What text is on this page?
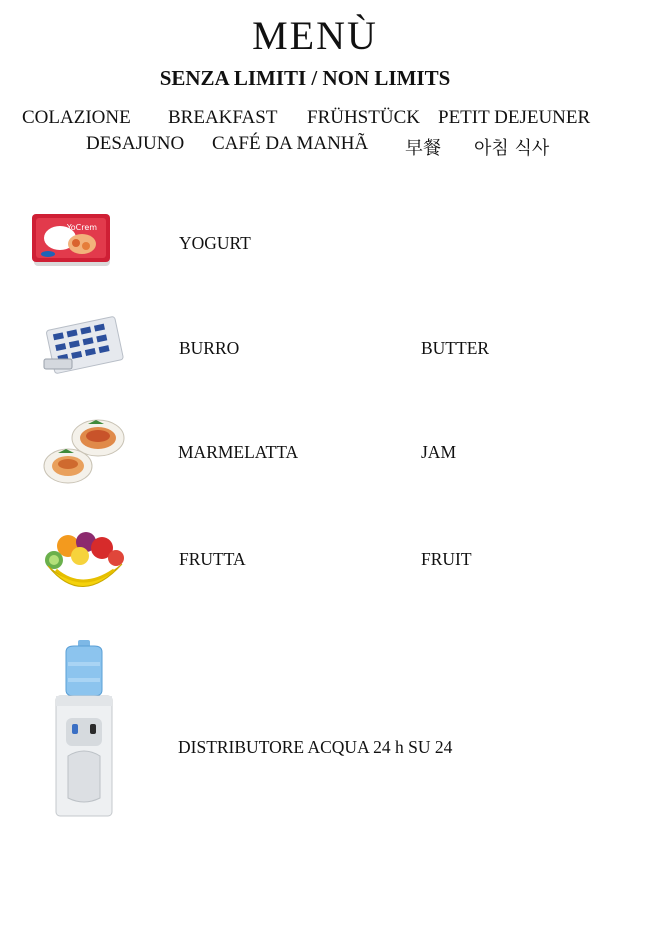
MENÙ
SENZA LIMITI / NON LIMITS
COLAZIONE BREAKFAST FRÜHSTÜCK PETIT DEJEUNER
DESAJUNO CAFÉ DA MANHÃ 早餐 아침 식사
YoCrem
YOGURT
BURRO	BUTTER
MARMELATTA	JAM
FRUTTA	FRUIT
DISTRIBUTORE ACQUA 24 h SU 24
